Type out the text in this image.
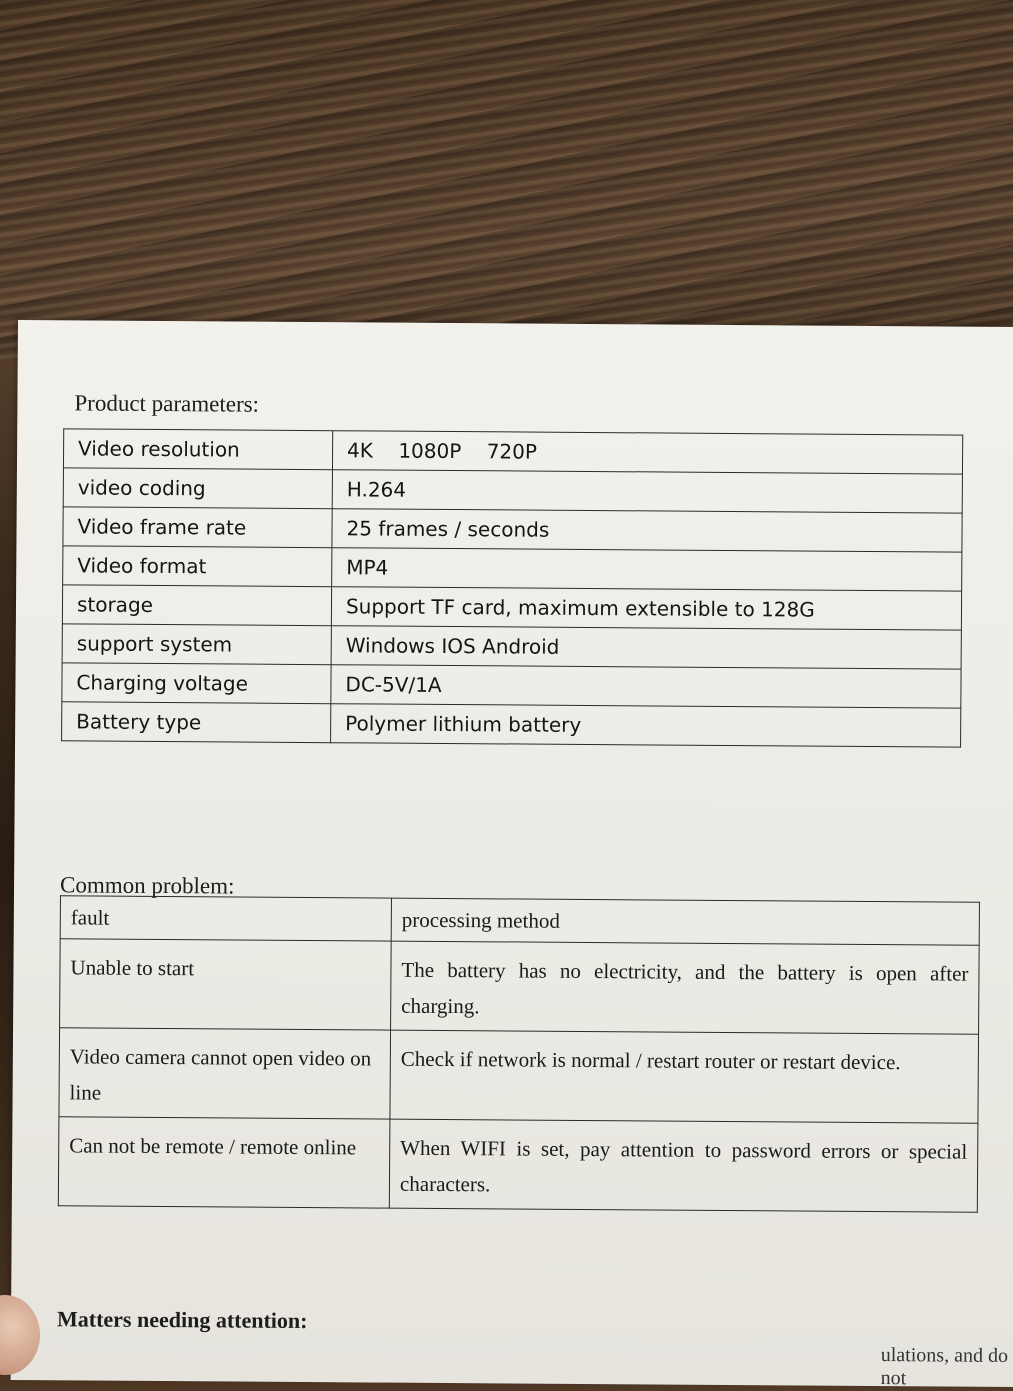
Product parameters:
Video resolution	4K    1080P    720P
video coding	H.264
Video frame rate	25 frames / seconds
Video format	MP4
storage	Support TF card, maximum extensible to 128G
support system	Windows IOS Android
Charging voltage	DC-5V/1A
Battery type	Polymer lithium battery
Common problem:
fault	processing method
Unable to start	The battery has no electricity, and the battery is open after charging.
Video camera cannot open video on line	Check if network is normal / restart router or restart device.
Can not be remote / remote online	When WIFI is set, pay attention to password errors or special characters.
Matters needing attention:
ulations, and do not
